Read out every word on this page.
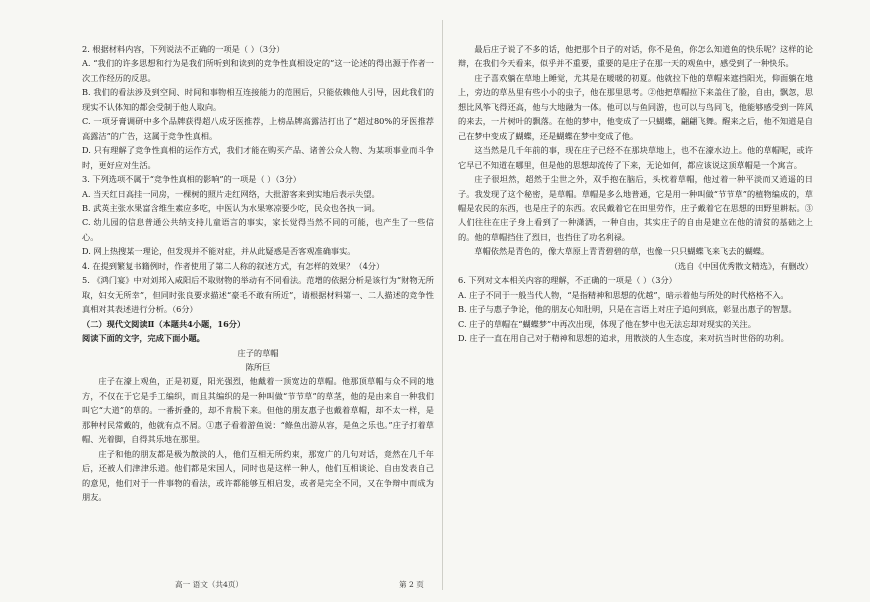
2. 根据材料内容，下列说法不正确的一项是（ ）（3分）

A. “我们的许多思想和行为是我们所听到和读到的竞争性真相设定的”这一论述的得出源于作者一次工作经历的反思。

B. 我们的看法涉及到空间、时间和事物相互连接能力的范围后，只能依赖他人引导，因此我们的现实不认体知的都会受制于他人取向。

C. 一项牙膏调研中多个品牌获得超八成牙医推荐，上榜品牌高露洁打出了“超过80%的牙医推荐高露洁”的广告，这属于竞争性真相。

D. 只有理解了竞争性真相的运作方式，我们才能在购买产品、诸普公众人物、为某项事业而斗争时，更好应对生活。

3. 下列选项不属于“竞争性真相的影响”的一项是（ ）（3分）

A. 当天红日高挂一同房，一棵树的照片走红网络，大批游客来到实地后表示失望。

B. 武英主张水果富含维生素应多吃，中医认为水果寒凉要少吃，民众也各执一词。

C. 幼儿园的信息普通公共纳支持儿童语言的事实，家长觉得当然不同的可能，也产生了一些信心。

D. 网上热搜某一理论，但发现并不能对症，并从此疑惑是否客观准确事实。

4. 在提到繁复书籍例时，作者使用了第二人称的叙述方式，有怎样的效果？（4分）

5. 《鸿门宴》中对刘邦入咸阳后不取财物的举动有不同看法。范增的依据分析是该行为“财物无所取，妇女无所幸”，但同时张良要求描述“豪毛不敢有所近”，请根据材料第一、二人描述的竞争性真相对其表述进行分析。（6分）

（二）现代文阅读Ⅱ（本题共4小题，16分）

阅读下面的文字，完成下面小题。

庄子的草帽

陈所巨

庄子在濠上观鱼，正是初夏，阳光强烈，他戴着一顶宽边的草帽。他那顶草帽与众不同的地方，不仅在于它是手工编织，而且其编织的是一种叫做“节节草”的草茎，他的是由来自一种我们叫它“大道”的草的。一番折叠的，却不肯脱下来。但他的朋友惠子也戴着草帽，却不太一样，是那种村民常戴的，他就有点不屑。①惠子看着游鱼说：“鲦鱼出游从容，是鱼之乐也。”庄子打着草帽、光着脚，自得其乐地在那里。

庄子和他的朋友都是极为散淡的人，他们互相无所约束，那宽广的几句对话，竟然在几千年后，还被人们津津乐道。他们都是宋国人，同时也是这样一种人，他们互相谈论、自由发表自己的意见，他们对于一件事物的看法，或许都能够互相启发，或者是完全不同，又在争辩中而成为朋友。

最后庄子说了不多的话，他把那个日子的对话，你不是鱼，你怎么知道鱼的快乐呢？这样的论辩，在我们今天看来，似乎并不重要，重要的是庄子在那一天的观鱼中，感受到了一种快乐。

庄子喜欢躺在草地上睡觉，尤其是在暖暖的初夏。他就拉下他的草帽来遮挡阳光，仰面躺在地上，旁边的草丛里有些小小的虫子，他在那里思考。②他把草帽拉下来盖住了脸，自由，飘忽，思想比风筝飞得还高，他与大地融为一体。他可以与鱼同游，也可以与鸟同飞，他能够感受到一阵风的来去，一片树叶的飘落。在他的梦中，他变成了一只蝴蝶，翩翩飞舞。醒来之后，他不知道是自己在梦中变成了蝴蝶，还是蝴蝶在梦中变成了他。

这当然是几千年前的事，现在庄子已经不在那块草地上，也不在濠水边上。他的草帽呢，或许它早已不知道在哪里，但是他的思想却流传了下来，无论如何，都应该说这顶草帽是一个寓言。

庄子很坦然，超然于尘世之外，双手抱在脑后，头枕着草帽，他过着一种平淡而又逍遥的日子。我发现了这个秘密，是草帽。草帽是多么地普通，它是用一种叫做“节节草”的植物编成的，草帽是农民的东西，也是庄子的东西。农民戴着它在田里劳作，庄子戴着它在思想的田野里耕耘。③人们往往在庄子身上看到了一种潇洒，一种自由，其实庄子的自由是建立在他的清贫的基础之上的。他的草帽挡住了烈日，也挡住了功名利禄。

草帽依然是青色的，像大草原上青青碧碧的草，也像一只只蝴蝶飞来飞去的蝴蝶。

（选自《中国优秀散文精选》，有删改）

6. 下列对文本相关内容的理解，不正确的一项是（ ）（3分）

A. 庄子不同于一般当代人物，“是指精神和思想的优越”，暗示着他与所处的时代格格不入。

B. 庄子与惠子争论，他的朋友心知肚明，只是在言语上对庄子追问到底，彰显出惠子的智慧。

C. 庄子的草帽在“蝴蝶梦”中再次出现，体现了他在梦中也无法忘却对现实的关注。

D. 庄子一直在用自己对于精神和思想的追求，用散淡的人生态度，来对抗当时世俗的功利。

高一 语文（共4页）	第 2 页
